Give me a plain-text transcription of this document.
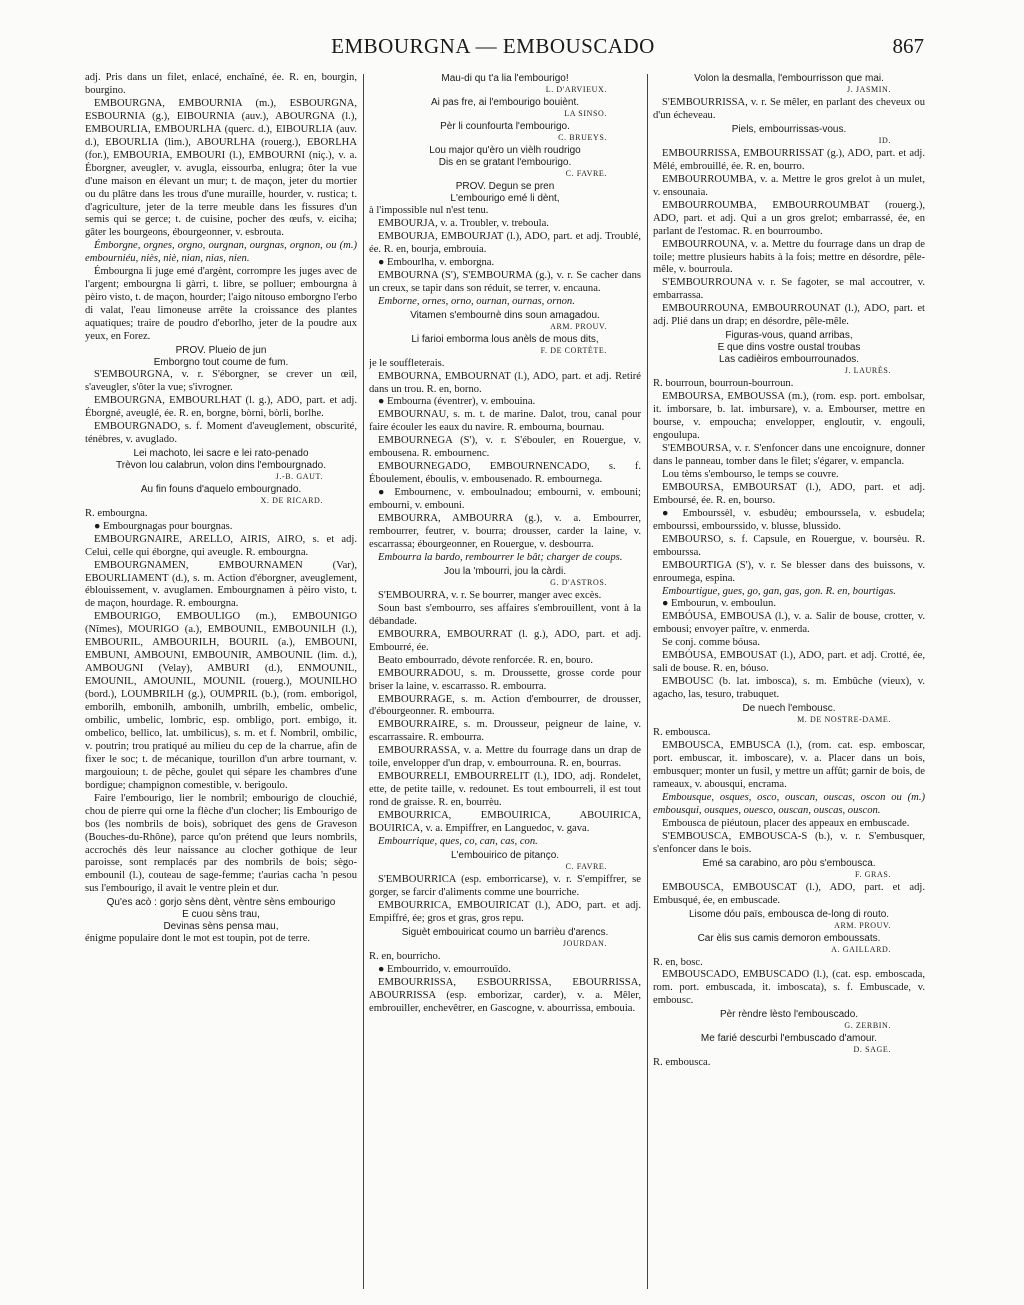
EMBOURGNA — EMBOUSCADO	867

adj. Pris dans un filet, enlacé, enchaîné, ée. R. en, bourgin, bourgino.

EMBOURGNA, EMBOURNIA (m.), ESBOURGNA, ESBOURNIA (g.), EIBOURNIA (auv.), ABOURGNA (l.), EMBOURLIA, EMBOURLHA (querc. d.), EIBOURLIA (auv. d.), EBOURLIA (lim.), ABOURLHA (rouerg.), EBORLHA (for.), EMBOURIA, EMBOURI (l.), EMBOURNI (niç.), v. a. Éborgner, aveugler, v. avugla, eissourba, enlugra; ôter la vue d'une maison en élevant un mur; t. de maçon, jeter du mortier ou du plâtre dans les trous d'une muraille, hourder, v. rustica; t. d'agriculture, jeter de la terre meuble dans les fissures d'un semis qui se gerce; t. de cuisine, pocher des œufs, v. eiciha; gâter les bourgeons, ébourgeonner, v. esbrouta.

Émborgne, orgnes, orgno, ourgnan, ourgnas, orgnon, ou (m.) embourniéu, niès, niè, nian, nias, nien.

Émbourgna li juge emé d'argènt, corrompre les juges avec de l'argent; embourgna li gàrri, t. libre, se polluer; embourgna à pèiro visto, t. de maçon, hourder; l'aigo nitouso emborgno l'erbo di valat, l'eau limoneuse arrête la croissance des plantes aquatiques; traire de poudro d'eborlho, jeter de la poudre aux yeux, en Forez.

PROV. Plueio de jun
Emborgno tout coume de fum.

S'EMBOURGNA, v. r. S'éborgner, se crever un œil, s'aveugler, s'ôter la vue; s'ivrogner.

EMBOURGNA, EMBOURLHAT (l. g.), ADO, part. et adj. Éborgné, aveuglé, ée. R. en, borgne, bòrni, bòrli, borlhe.

EMBOURGNADO, s. f. Moment d'aveuglement, obscurité, ténèbres, v. avuglado.

Lei machoto, lei sacre e lei rato-penado
Trèvon lou calabrun, volon dins l'embourgnado.

J.-B. GAUT.

Au fin founs d'aquelo embourgnado.

X. DE RICARD.

R. embourgna.

● Embourgnagas pour bourgnas.

EMBOURGNAIRE, ARELLO, AIRIS, AIRO, s. et adj. Celui, celle qui éborgne, qui aveugle. R. embourgna.

EMBOURGNAMEN, EMBOURNAMEN (Var), EBOURLIAMENT (d.), s. m. Action d'éborgner, aveuglement, éblouissement, v. avuglamen. Embourgnamen à pèiro visto, t. de maçon, hourdage. R. embourgna.

EMBOURIGO, EMBOULIGO (m.), EMBOUNIGO (Nîmes), MOURIGO (a.), EMBOUNIL, EMBOUNILH (l.), EMBOURIL, AMBOURILH, BOURIL (a.), EMBOUNI, EMBUNI, AMBOUNI, EMBOUNIR, AMBOUNIL (lim. d.), AMBOUGNI (Velay), AMBURI (d.), ENMOUNIL, EMOUNIL, AMOUNIL, MOUNIL (rouerg.), MOUNILHO (bord.), LOUMBRILH (g.), OUMPRIL (b.), (rom. emborigol, emborilh, embonilh, ambonilh, umbrilh, embelic, ombelic, ombilic, umbelic, lombric, esp. ombligo, port. embigo, it. ombelico, bellico, lat. umbilicus), s. m. et f. Nombril, ombilic, v. poutrin; trou pratiqué au milieu du cep de la charrue, afin de fixer le soc; t. de mécanique, tourillon d'un arbre tournant, v. margouioun; t. de pêche, goulet qui sépare les chambres d'une bordigue; champignon comestible, v. berigoulo.

Faire l'embourigo, lier le nombril; embourigo de clouchié, chou de pierre qui orne la flèche d'un clocher; lis Embourigo de bos (les nombrils de bois), sobriquet des gens de Graveson (Bouches-du-Rhône), parce qu'on prétend que leurs nombrils, accrochés dès leur naissance au clocher gothique de leur paroisse, sont remplacés par des nombrils de bois; sègo-embounil (l.), couteau de sage-femme; t'aurias cacha 'n pesou sus l'embourigo, il avait le ventre plein et dur.

Qu'es acò : gorjo sèns dènt, vèntre sèns embourigo
E cuou sèns trau,
Devinas sèns pensa mau,

énigme populaire dont le mot est toupin, pot de terre.

Mau-di qu t'a lia l'embourigo!

L. D'ARVIEUX.

Ai pas fre, ai l'embourigo bouiènt.

LA SINSO.

Pèr li counfourta l'embourigo.

C. BRUEYS.

Lou major qu'èro un vièlh roudrigo
Dis en se gratant l'embourigo.

C. FAVRE.

PROV. Degun se pren
L'embourigo emé li dènt,

à l'impossible nul n'est tenu.

EMBOURJA, v. a. Troubler, v. treboula.

EMBOURJA, EMBOURJAT (l.), ADO, part. et adj. Troublé, ée. R. en, bourja, embrouia.

● Embourlha, v. emborgna.

EMBOURNA (S'), S'EMBOURMA (g.), v. r. Se cacher dans un creux, se tapir dans son réduit, se terrer, v. encauna.

Emborne, ornes, orno, ournan, ournas, ornon.

Vitamen s'embournè dins soun amagadou.

ARM. PROUV.

Li farioi emborma lous anèls de mous dits,

F. DE CORTÈTE.

je le souffleterais.

EMBOURNA, EMBOURNAT (l.), ADO, part. et adj. Retiré dans un trou. R. en, borno.

● Embourna (éventrer), v. embouina.

EMBOURNAU, s. m. t. de marine. Dalot, trou, canal pour faire écouler les eaux du navire. R. embourna, bournau.

EMBOURNEGA (S'), v. r. S'ébouler, en Rouergue, v. embousena. R. embournenc.

EMBOURNEGADO, EMBOURNENCADO, s. f. Éboulement, éboulis, v. embousenado. R. embournega.

● Embournenc, v. emboulnadou; embourni, v. embouni; embourni, v. embouni.

EMBOURRA, AMBOURRA (g.), v. a. Embourrer, rembourrer, feutrer, v. bourra; drousser, carder la laine, v. escarrassa; ébourgeonner, en Rouergue, v. desbourra.

Embourra la bardo, rembourrer le bât; charger de coups.

Jou la 'mbourri, jou la càrdi.

G. D'ASTROS.

S'EMBOURRA, v. r. Se bourrer, manger avec excès.

Soun bast s'embourro, ses affaires s'embrouillent, vont à la débandade.

EMBOURRA, EMBOURRAT (l. g.), ADO, part. et adj. Embourré, ée.

Beato embourrado, dévote renforcée. R. en, bouro.

EMBOURRADOU, s. m. Droussette, grosse corde pour briser la laine, v. escarrasso. R. embourra.

EMBOURRAGE, s. m. Action d'embourrer, de drousser, d'ébourgeonner. R. embourra.

EMBOURRAIRE, s. m. Drousseur, peigneur de laine, v. escarrassaire. R. embourra.

EMBOURRASSA, v. a. Mettre du fourrage dans un drap de toile, envelopper d'un drap, v. embourrouna. R. en, bourras.

EMBOURRELI, EMBOURRELIT (l.), IDO, adj. Rondelet, ette, de petite taille, v. redounet. Es tout embourreli, il est tout rond de graisse. R. en, bourrèu.

EMBOURRICA, EMBOUIRICA, ABOUIRICA, BOUIRICA, v. a. Empiffrer, en Languedoc, v. gava.

Embourrique, ques, co, can, cas, con.

L'embouirico de pitanço.

C. FAVRE.

S'EMBOURRICA (esp. emborricarse), v. r. S'empiffrer, se gorger, se farcir d'aliments comme une bourriche.

EMBOURRICA, EMBOUIRICAT (l.), ADO, part. et adj. Empiffré, ée; gros et gras, gros repu.

Siguèt embouiricat coumo un barrièu d'arencs.

JOURDAN.

R. en, bourricho.

● Embourrido, v. emourrouïdo.

EMBOURRISSA, ESBOURRISSA, EBOURRISSA, ABOURRISSA (esp. emborizar, carder), v. a. Mêler, embrouiller, enchevêtrer, en Gascogne, v. abourrissa, embouia.

Volon la desmalla, l'embourrisson que mai.

J. JASMIN.

S'EMBOURRISSA, v. r. Se mêler, en parlant des cheveux ou d'un écheveau.

Piels, embourrissas-vous.

ID.

EMBOURRISSA, EMBOURRISSAT (g.), ADO, part. et adj. Mêlé, embrouillé, ée. R. en, bourro.

EMBOURROUMBA, v. a. Mettre le gros grelot à un mulet, v. ensounaia.

EMBOURROUMBA, EMBOURROUMBAT (rouerg.), ADO, part. et adj. Qui a un gros grelot; embarrassé, ée, en parlant de l'estomac. R. en bourroumbo.

EMBOURROUNA, v. a. Mettre du fourrage dans un drap de toile; mettre plusieurs habits à la fois; mettre en désordre, pêle-mêle, v. bourroula.

S'EMBOURROUNA v. r. Se fagoter, se mal accoutrer, v. embarrassa.

EMBOURROUNA, EMBOURROUNAT (l.), ADO, part. et adj. Plié dans un drap; en désordre, pêle-mêle.

Figuras-vous, quand arribas,
E que dins vostre oustal troubas
Las cadièiros embourrounados.

J. LAURÈS.

R. bourroun, bourroun-bourroun.

EMBOURSA, EMBOUSSA (m.), (rom. esp. port. embolsar, it. imborsare, b. lat. imbursare), v. a. Embourser, mettre en bourse, v. empoucha; envelopper, engloutir, v. engouli, engoulupa.

S'EMBOURSA, v. r. S'enfoncer dans une encoignure, donner dans le panneau, tomber dans le filet; s'égarer, v. empancla.

Lou tèms s'embourso, le temps se couvre.

EMBOURSA, EMBOURSAT (l.), ADO, part. et adj. Emboursé, ée. R. en, bourso.

● Embourssèl, v. esbudèu; embourssela, v. esbudela; embourssi, embourssido, v. blusse, blussido.

EMBOURSO, s. f. Capsule, en Rouergue, v. boursèu. R. embourssa.

EMBOURTIGA (S'), v. r. Se blesser dans des buissons, v. enroumega, espina.

Embourtigue, gues, go, gan, gas, gon. R. en, bourtigas.

● Embourun, v. emboulun.

EMBÓUSA, EMBOUSA (l.), v. a. Salir de bouse, crotter, v. embousi; envoyer paître, v. enmerda.

Se conj. comme bóusa.

EMBÓUSA, EMBOUSAT (l.), ADO, part. et adj. Crotté, ée, sali de bouse. R. en, bóuso.

EMBOUSC (b. lat. imbosca), s. m. Embûche (vieux), v. agacho, las, tesuro, trabuquet.

De nuech l'embousc.

M. DE NOSTRE-DAME.

R. embousca.

EMBOUSCA, EMBUSCA (l.), (rom. cat. esp. emboscar, port. embuscar, it. imboscare), v. a. Placer dans un bois, embusquer; monter un fusil, y mettre un affût; garnir de bois, de rameaux, v. abousqui, encrama.

Embousque, osques, osco, ouscan, ouscas, oscon ou (m.) embousqui, ousques, ouesco, ouscan, ouscas, ouscon.

Embousca de piéutoun, placer des appeaux en embuscade.

S'EMBOUSCA, EMBOUSCA-S (b.), v. r. S'embusquer, s'enfoncer dans le bois.

Emé sa carabino, aro pòu s'embousca.

F. GRAS.

EMBOUSCA, EMBOUSCAT (l.), ADO, part. et adj. Embusqué, ée, en embuscade.

Lisome dóu païs, embousca de-long di routo.

ARM. PROUV.

Car èlis sus camis demoron emboussats.

A. GAILLARD.

R. en, bosc.

EMBOUSCADO, EMBUSCADO (l.), (cat. esp. emboscada, rom. port. embuscada, it. imboscata), s. f. Embuscade, v. embousc.

Pèr rèndre lèsto l'embouscado.

G. ZERBIN.

Me farié descurbi l'embuscado d'amour.

D. SAGE.

R. embousca.
